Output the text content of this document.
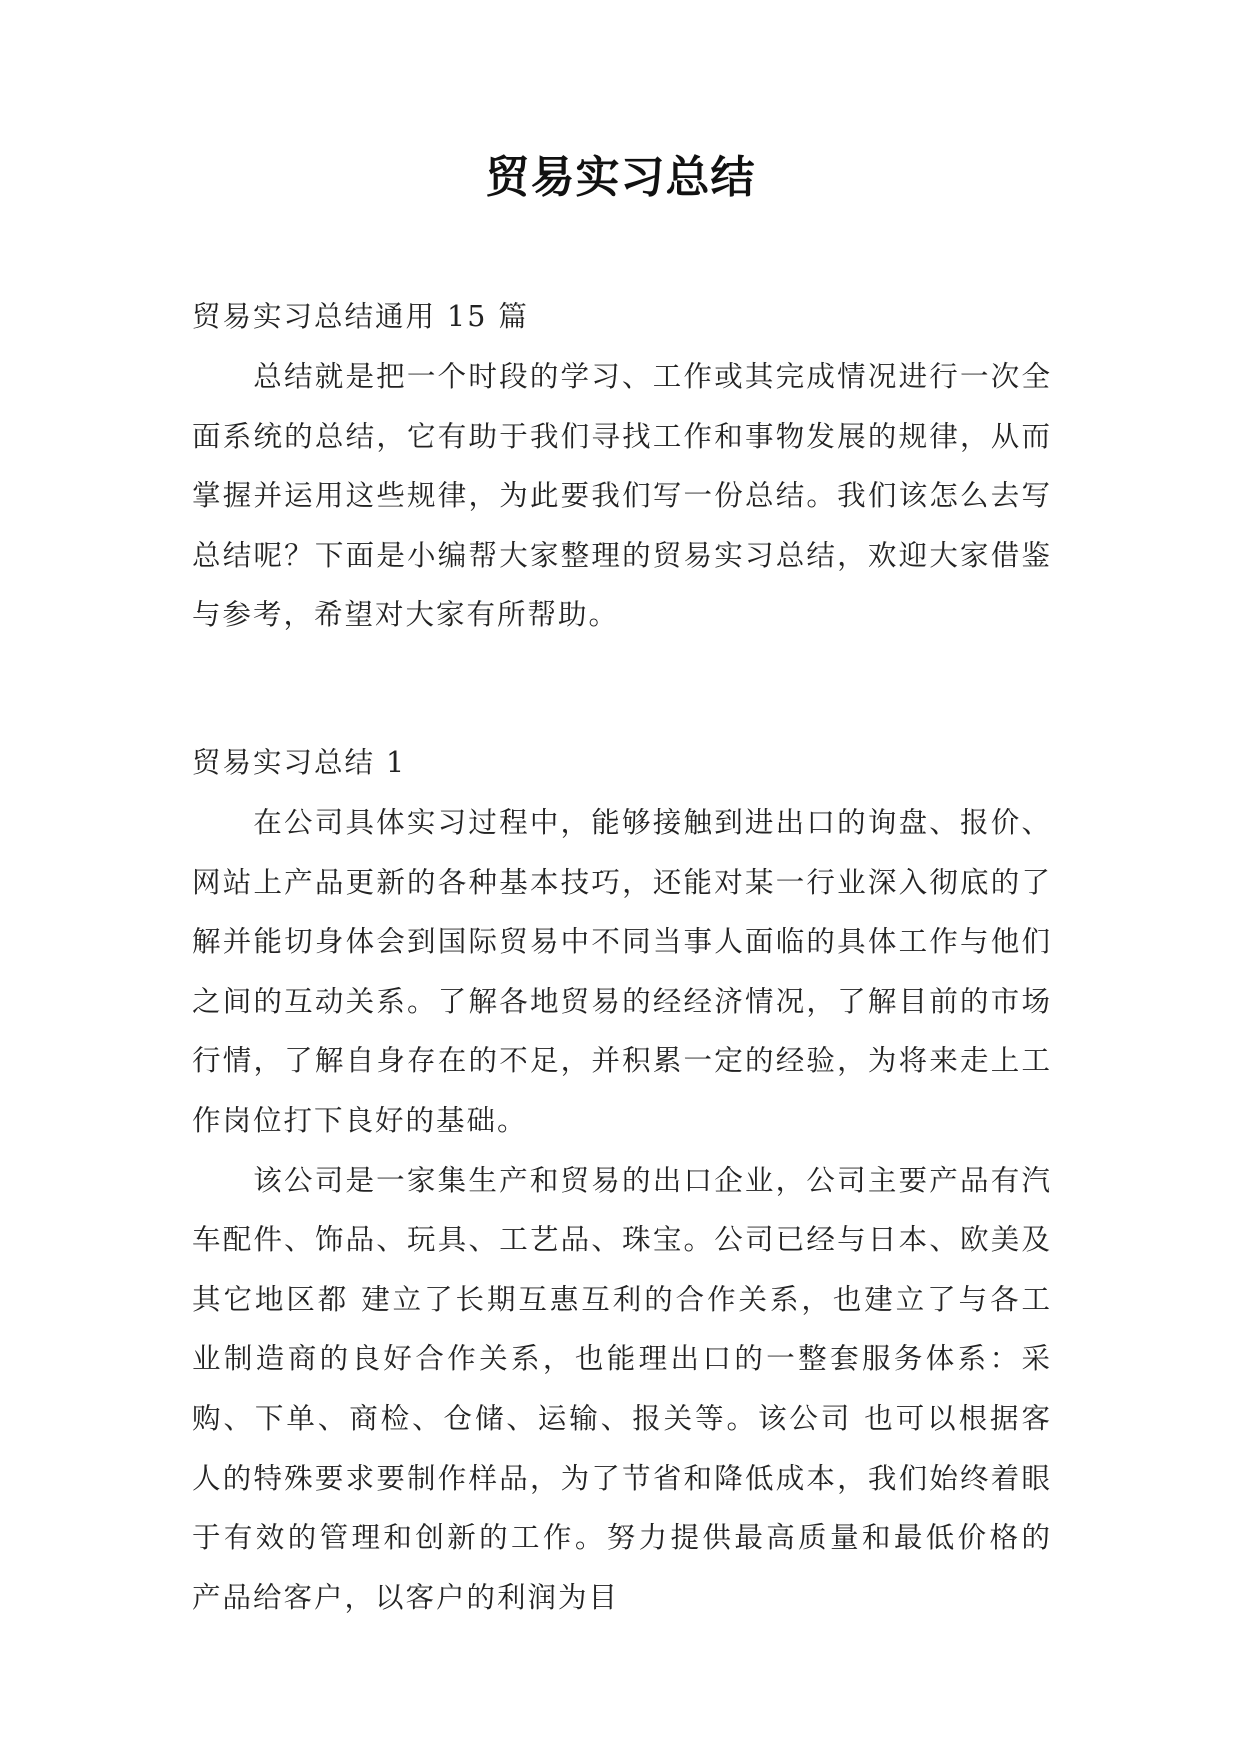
贸易实习总结

贸易实习总结通用 15 篇

总结就是把一个时段的学习、工作或其完成情况进行一次全面系统的总结，它有助于我们寻找工作和事物发展的规律，从而掌握并运用这些规律，为此要我们写一份总结。我们该怎么去写总结呢？下面是小编帮大家整理的贸易实习总结，欢迎大家借鉴与参考，希望对大家有所帮助。

贸易实习总结 1

在公司具体实习过程中，能够接触到进出口的询盘、报价、网站上产品更新的各种基本技巧，还能对某一行业深入彻底的了解并能切身体会到国际贸易中不同当事人面临的具体工作与他们之间的互动关系。了解各地贸易的经经济情况，了解目前的市场行情，了解自身存在的不足，并积累一定的经验，为将来走上工作岗位打下良好的基础。

该公司是一家集生产和贸易的出口企业，公司主要产品有汽车配件、饰品、玩具、工艺品、珠宝。公司已经与日本、欧美及其它地区都 建立了长期互惠互利的合作关系，也建立了与各工业制造商的良好合作关系，也能理出口的一整套服务体系：采购、下单、商检、仓储、运输、报关等。该公司 也可以根据客人的特殊要求要制作样品，为了节省和降低成本，我们始终着眼于有效的管理和创新的工作。努力提供最高质量和最低价格的 产品给客户，以客户的利润为目
